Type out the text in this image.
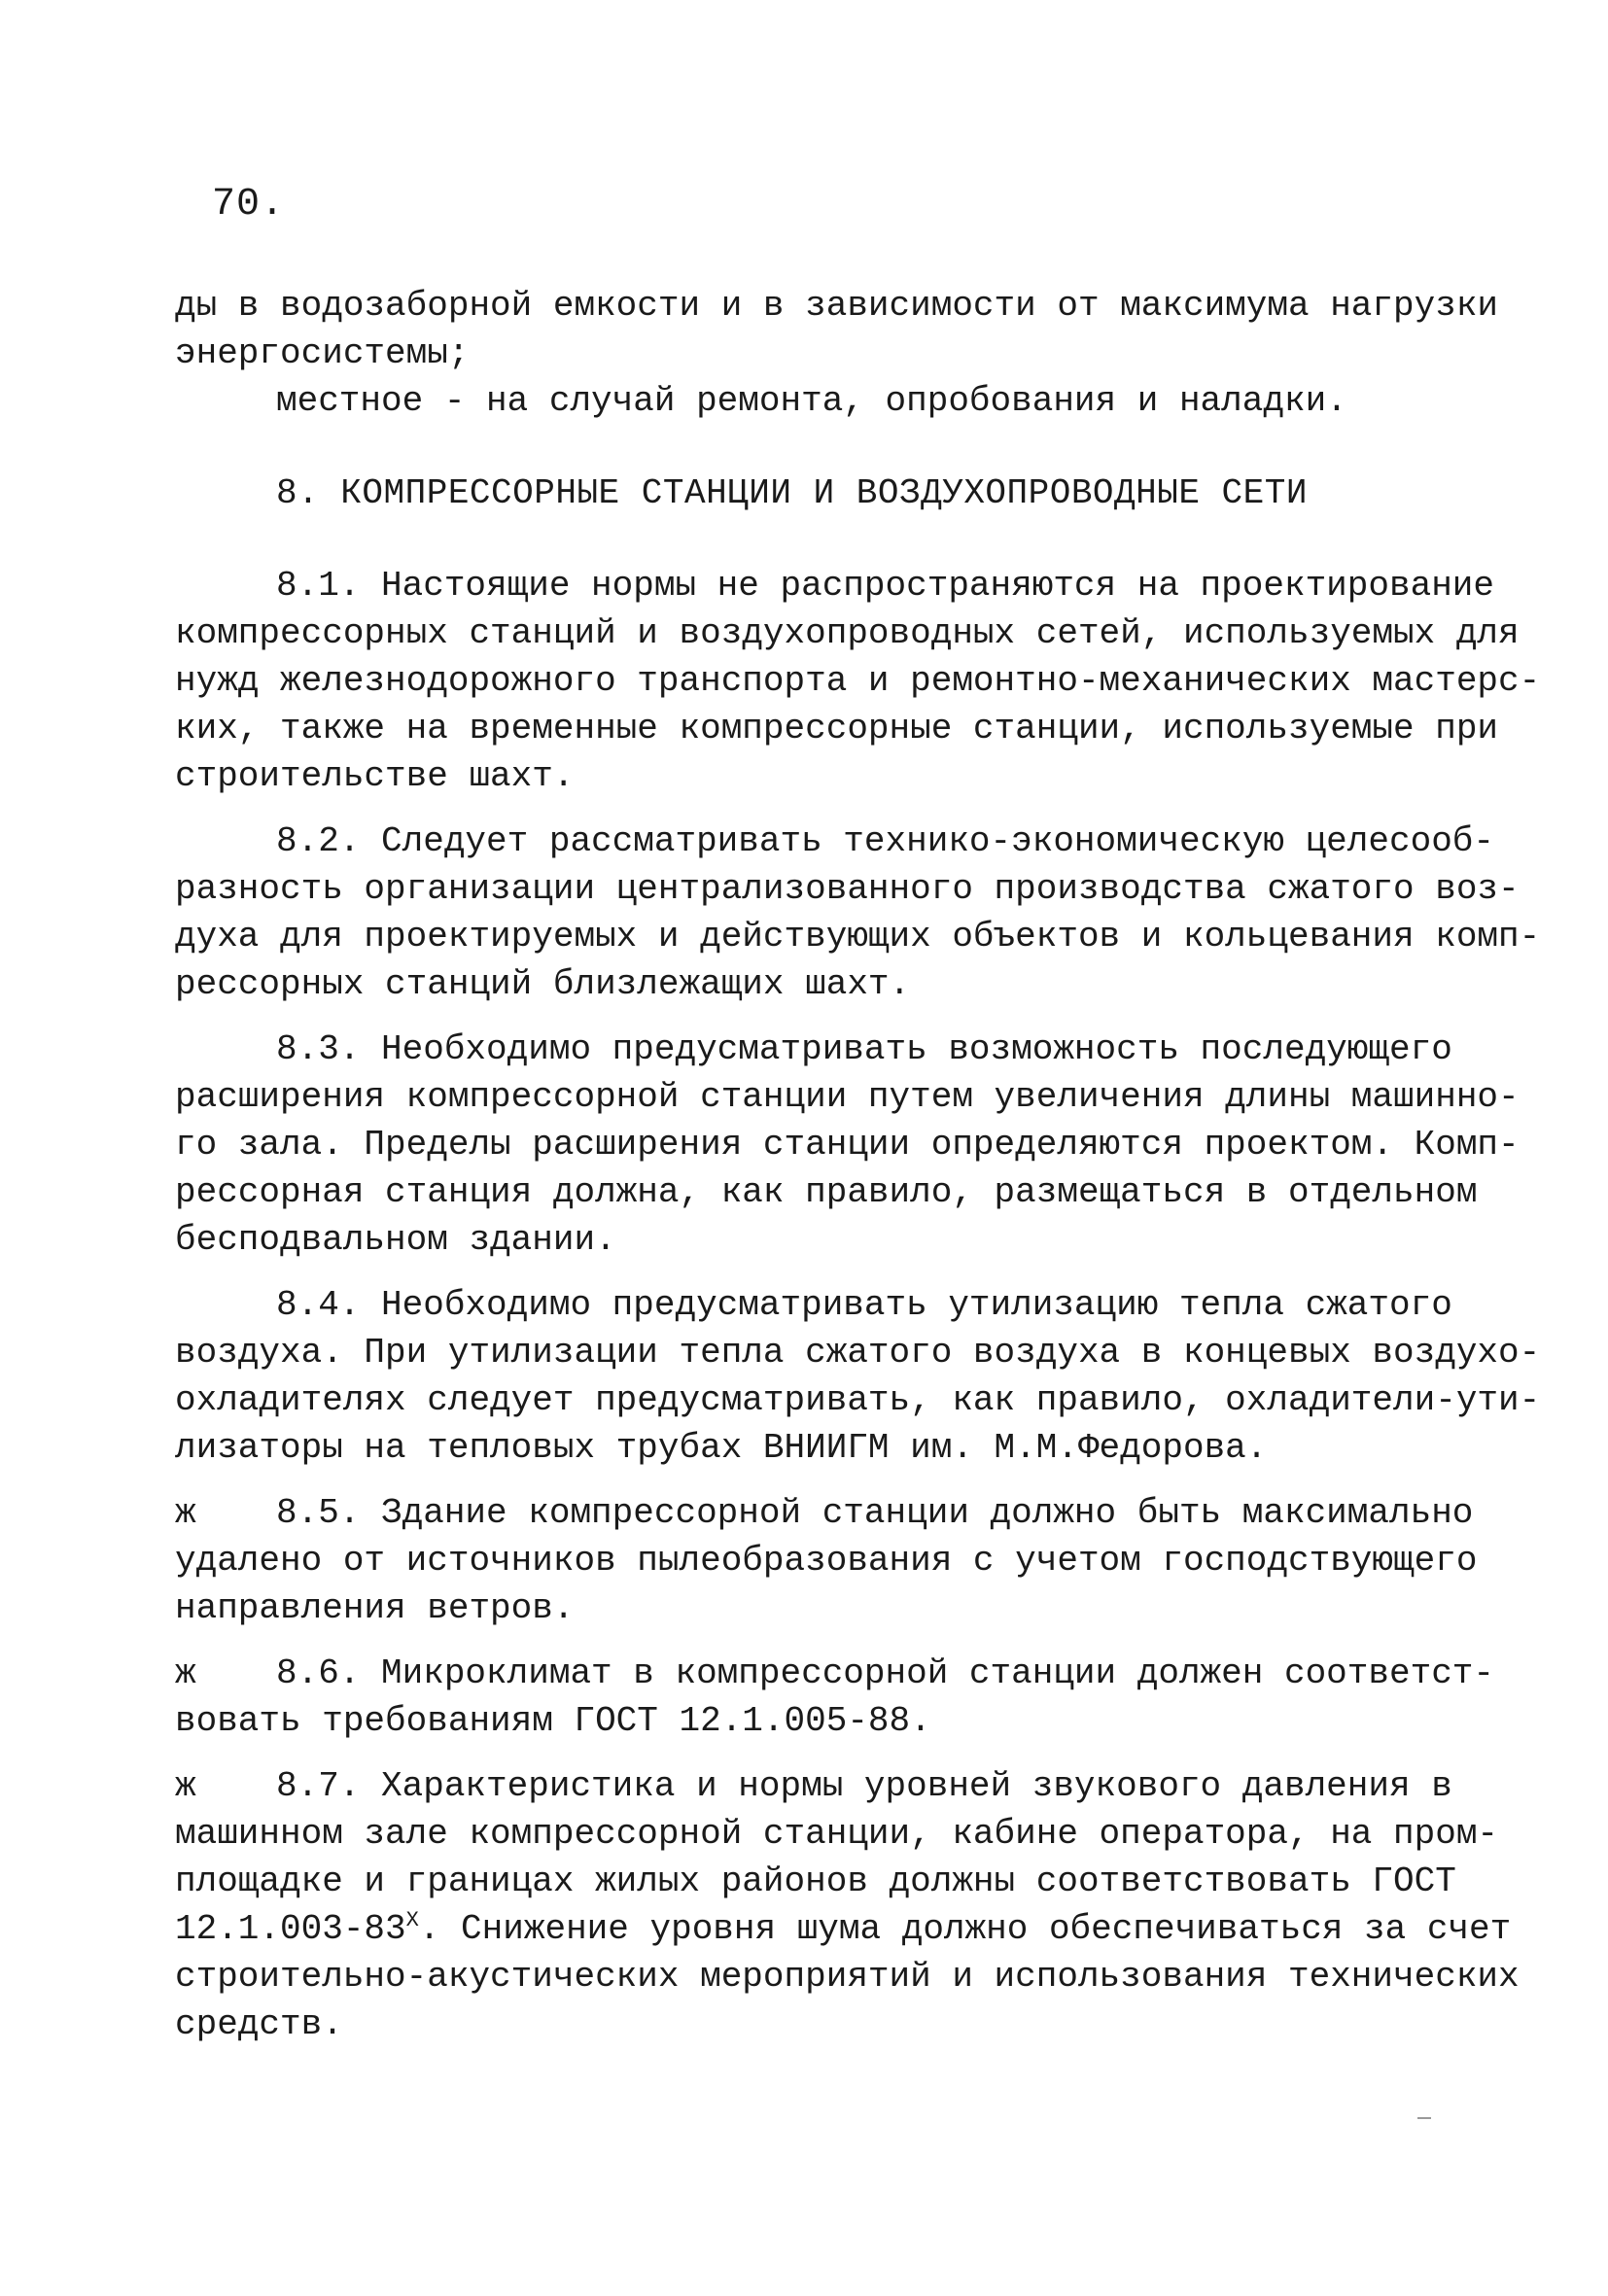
70.
ды в водозаборной емкости и в зависимости от максимума нагрузки
энергосистемы;
местное - на случай ремонта, опробования и наладки.
8. КОМПРЕССОРНЫЕ СТАНЦИИ И ВОЗДУХОПРОВОДНЫЕ СЕТИ
8.1. Настоящие нормы не распространяются на проектирование
компрессорных станций и воздухопроводных сетей, используемых для
нужд железнодорожного транспорта и ремонтно-механических мастерс-
ких, также на временные компрессорные станции, используемые при
строительстве шахт.
8.2. Следует рассматривать технико-экономическую целесооб-
разность организации централизованного производства сжатого воз-
духа для проектируемых и действующих объектов и кольцевания комп-
рессорных станций близлежащих шахт.
8.3. Необходимо предусматривать возможность последующего
расширения компрессорной станции путем увеличения длины машинно-
го зала. Пределы расширения станции определяются проектом. Комп-
рессорная станция должна, как правило, размещаться в отдельном
бесподвальном здании.
8.4. Необходимо предусматривать утилизацию тепла сжатого
воздуха. При утилизации тепла сжатого воздуха в концевых воздухо-
охладителях следует предусматривать, как правило, охладители-ути-
лизаторы на тепловых трубах ВНИИГМ им. М.М.Федорова.
ж 8.5. Здание компрессорной станции должно быть максимально
удалено от источников пылеобразования с учетом господствующего
направления ветров.
ж 8.6. Микроклимат в компрессорной станции должен соответст-
вовать требованиям ГОСТ 12.1.005-88.
ж 8.7. Характеристика и нормы уровней звукового давления в
машинном зале компрессорной станции, кабине оператора, на пром-
площадке и границах жилых районов должны соответствовать ГОСТ
$12.1.003-83^Х$. Снижение уровня шума должно обеспечиваться за счет
строительно-акустических мероприятий и использования технических
средств.
